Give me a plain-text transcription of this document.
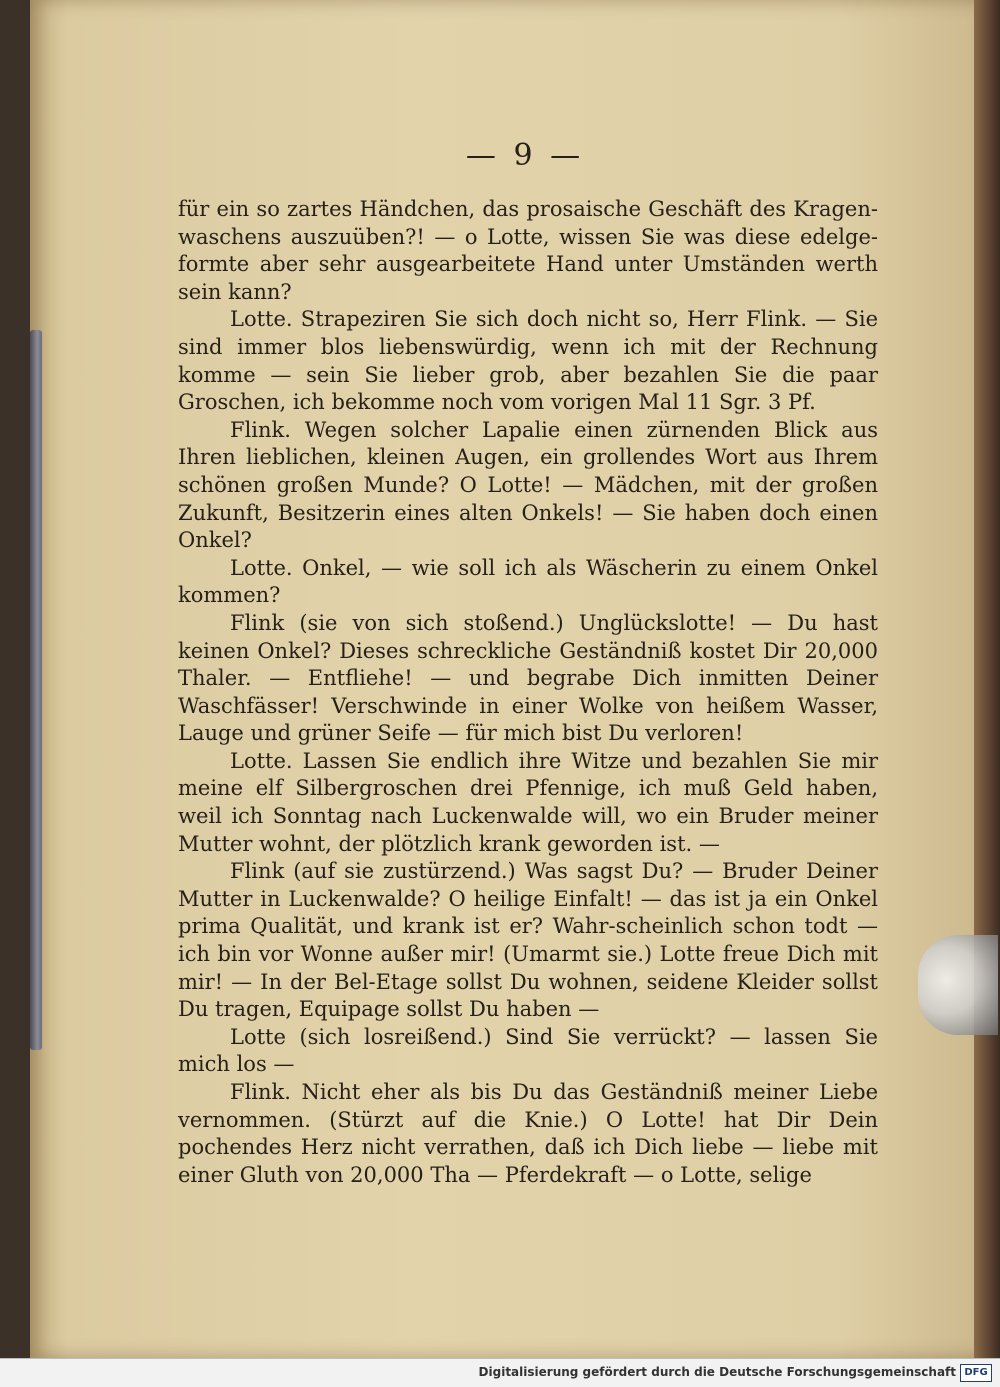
— 9 —

für ein so zartes Händchen, das prosaische Geschäft des Kragen-waschens auszuüben?! — o Lotte, wissen Sie was diese edelge-formte aber sehr ausgearbeitete Hand unter Umständen werth sein kann?

Lotte. Strapeziren Sie sich doch nicht so, Herr Flink. — Sie sind immer blos liebenswürdig, wenn ich mit der Rechnung komme — sein Sie lieber grob, aber bezahlen Sie die paar Groschen, ich bekomme noch vom vorigen Mal 11 Sgr. 3 Pf.

Flink. Wegen solcher Lapalie einen zürnenden Blick aus Ihren lieblichen, kleinen Augen, ein grollendes Wort aus Ihrem schönen großen Munde? O Lotte! — Mädchen, mit der großen Zukunft, Besitzerin eines alten Onkels! — Sie haben doch einen Onkel?

Lotte. Onkel, — wie soll ich als Wäscherin zu einem Onkel kommen?

Flink (sie von sich stoßend.) Unglückslotte! — Du hast keinen Onkel? Dieses schreckliche Geständniß kostet Dir 20,000 Thaler. — Entfliehe! — und begrabe Dich inmitten Deiner Waschfässer! Verschwinde in einer Wolke von heißem Wasser, Lauge und grüner Seife — für mich bist Du verloren!

Lotte. Lassen Sie endlich ihre Witze und bezahlen Sie mir meine elf Silbergroschen drei Pfennige, ich muß Geld haben, weil ich Sonntag nach Luckenwalde will, wo ein Bruder meiner Mutter wohnt, der plötzlich krank geworden ist. —

Flink (auf sie zustürzend.) Was sagst Du? — Bruder Deiner Mutter in Luckenwalde? O heilige Einfalt! — das ist ja ein Onkel prima Qualität, und krank ist er? Wahr-scheinlich schon todt — ich bin vor Wonne außer mir! (Umarmt sie.) Lotte freue Dich mit mir! — In der Bel-Etage sollst Du wohnen, seidene Kleider sollst Du tragen, Equipage sollst Du haben —

Lotte (sich losreißend.) Sind Sie verrückt? — lassen Sie mich los —

Flink. Nicht eher als bis Du das Geständniß meiner Liebe vernommen. (Stürzt auf die Knie.) O Lotte! hat Dir Dein pochendes Herz nicht verrathen, daß ich Dich liebe — liebe mit einer Gluth von 20,000 Tha — Pferdekraft — o Lotte, selige

Digitalisierung gefördert durch die Deutsche Forschungsgemeinschaft DFG
